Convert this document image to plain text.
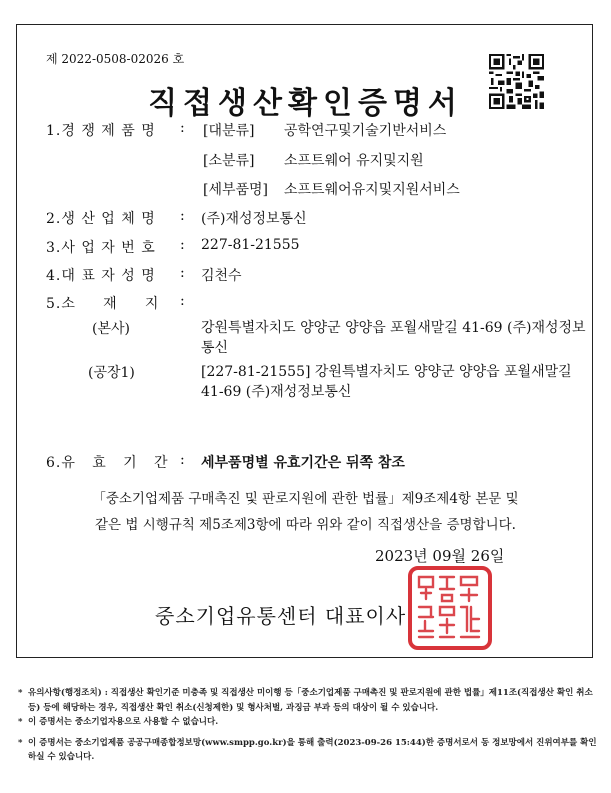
제 2022-0508-02026 호
직접생산확인증명서
1.경 쟁 제 품 명 : [대분류] 공학연구및기술기반서비스
[소분류] 소프트웨어 유지및지원
[세부품명] 소프트웨어유지및지원서비스
2.생 산 업 체 명 : (주)재성정보통신
3.사 업 자 번 호 : 227-81-21555
4.대 표 자 성 명 : 김천수
5.소     재     지 :
(본사)	강원특별자치도 양양군 양양읍 포월새말길 41-69 (주)재성정보통신
(공장1)	[227-81-21555] 강원특별자치도 양양군 양양읍 포월새말길 41-69 (주)재성정보통신
6.유   효   기   간 : 세부품명별 유효기간은 뒤쪽 참조
「중소기업제품 구매촉진 및 판로지원에 관한 법률」제9조제4항 본문 및
같은 법 시행규칙 제5조제3항에 따라 위와 같이 직접생산을 증명합니다.
2023년 09월 26일
중소기업유통센터 대표이사
* 유의사항(행정조치) : 직접생산 확인기준 미충족 및 직접생산 미이행 등「중소기업제품 구매촉진 및 판로지원에 관한 법률」제11조(직접생산 확인 취소 등) 등에 해당하는 경우, 직접생산 확인 취소(신청제한) 및 형사처벌, 과징금 부과 등의 대상이 될 수 있습니다.
* 이 증명서는 중소기업자용으로 사용할 수 없습니다.
* 이 증명서는 중소기업제품 공공구매종합정보망(www.smpp.go.kr)을 통해 출력(2023-09-26 15:44)한 증명서로서 동 정보망에서 진위여부를 확인하실 수 있습니다.
